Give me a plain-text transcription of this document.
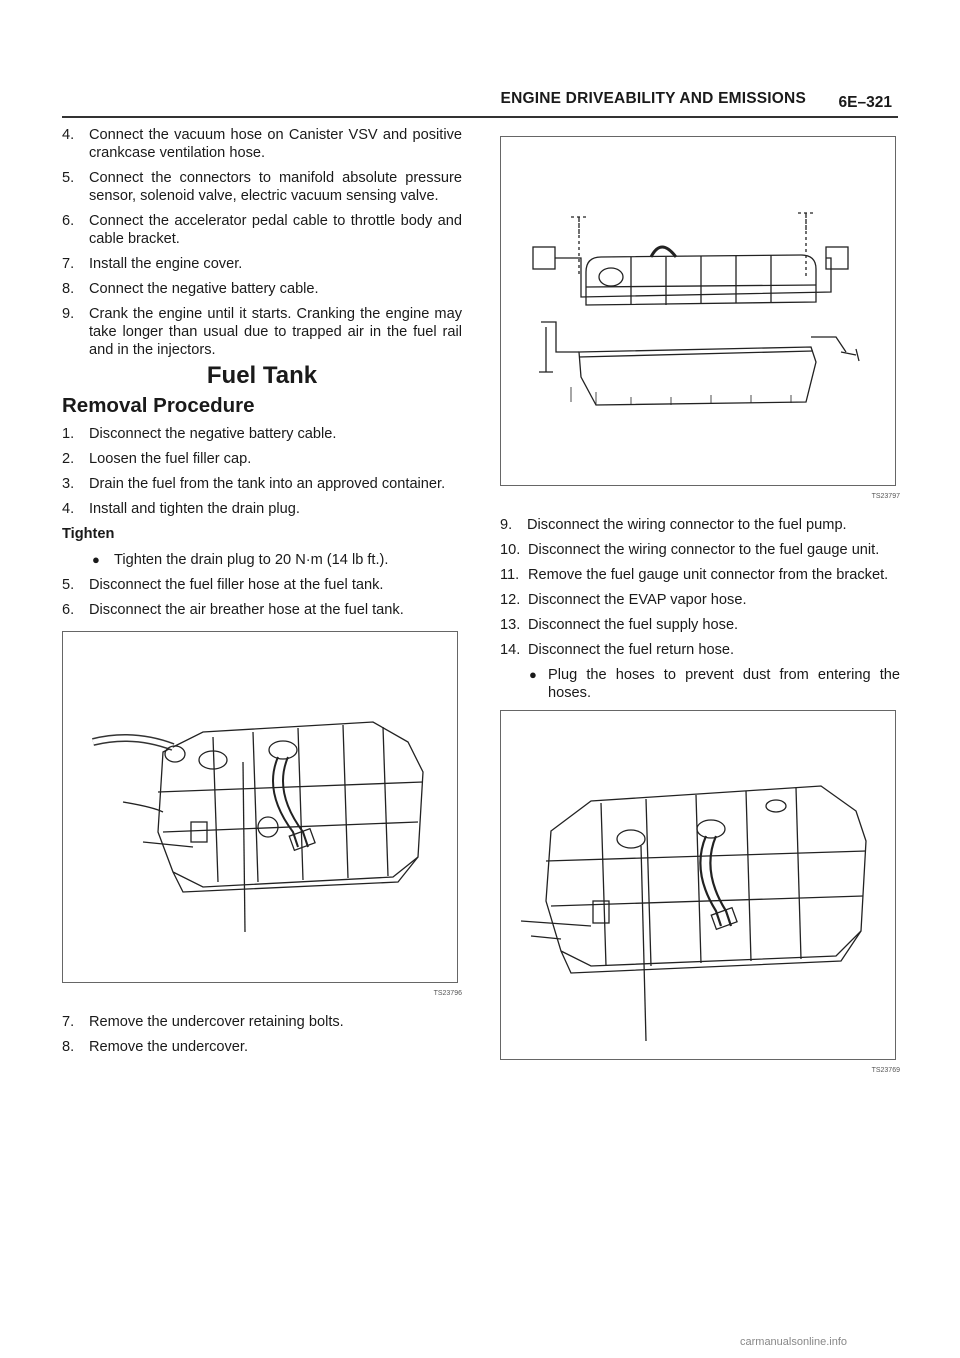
ENGINE DRIVEABILITY AND EMISSIONS 6E–321
4. Connect the vacuum hose on Canister VSV and positive crankcase ventilation hose.
5. Connect the connectors to manifold absolute pressure sensor, solenoid valve, electric vacuum sensing valve.
6. Connect the accelerator pedal cable to throttle body and cable bracket.
7. Install the engine cover.
8. Connect the negative battery cable.
9. Crank the engine until it starts. Cranking the engine may take longer than usual due to trapped air in the fuel rail and in the injectors.
Fuel Tank
Removal Procedure
1. Disconnect the negative battery cable.
2. Loosen the fuel filler cap.
3. Drain the fuel from the tank into an approved container.
4. Install and tighten the drain plug.
Tighten
● Tighten the drain plug to 20 N·m (14 lb ft.).
5. Disconnect the fuel filler hose at the fuel tank.
6. Disconnect the air breather hose at the fuel tank.
TS23796
7. Remove the undercover retaining bolts.
8. Remove the undercover.
TS23797
9. Disconnect the wiring connector to the fuel pump.
10. Disconnect the wiring connector to the fuel gauge unit.
11. Remove the fuel gauge unit connector from the bracket.
12. Disconnect the EVAP vapor hose.
13. Disconnect the fuel supply hose.
14. Disconnect the fuel return hose.
● Plug the hoses to prevent dust from entering the hoses.
TS23769
carmanualsonline.info
